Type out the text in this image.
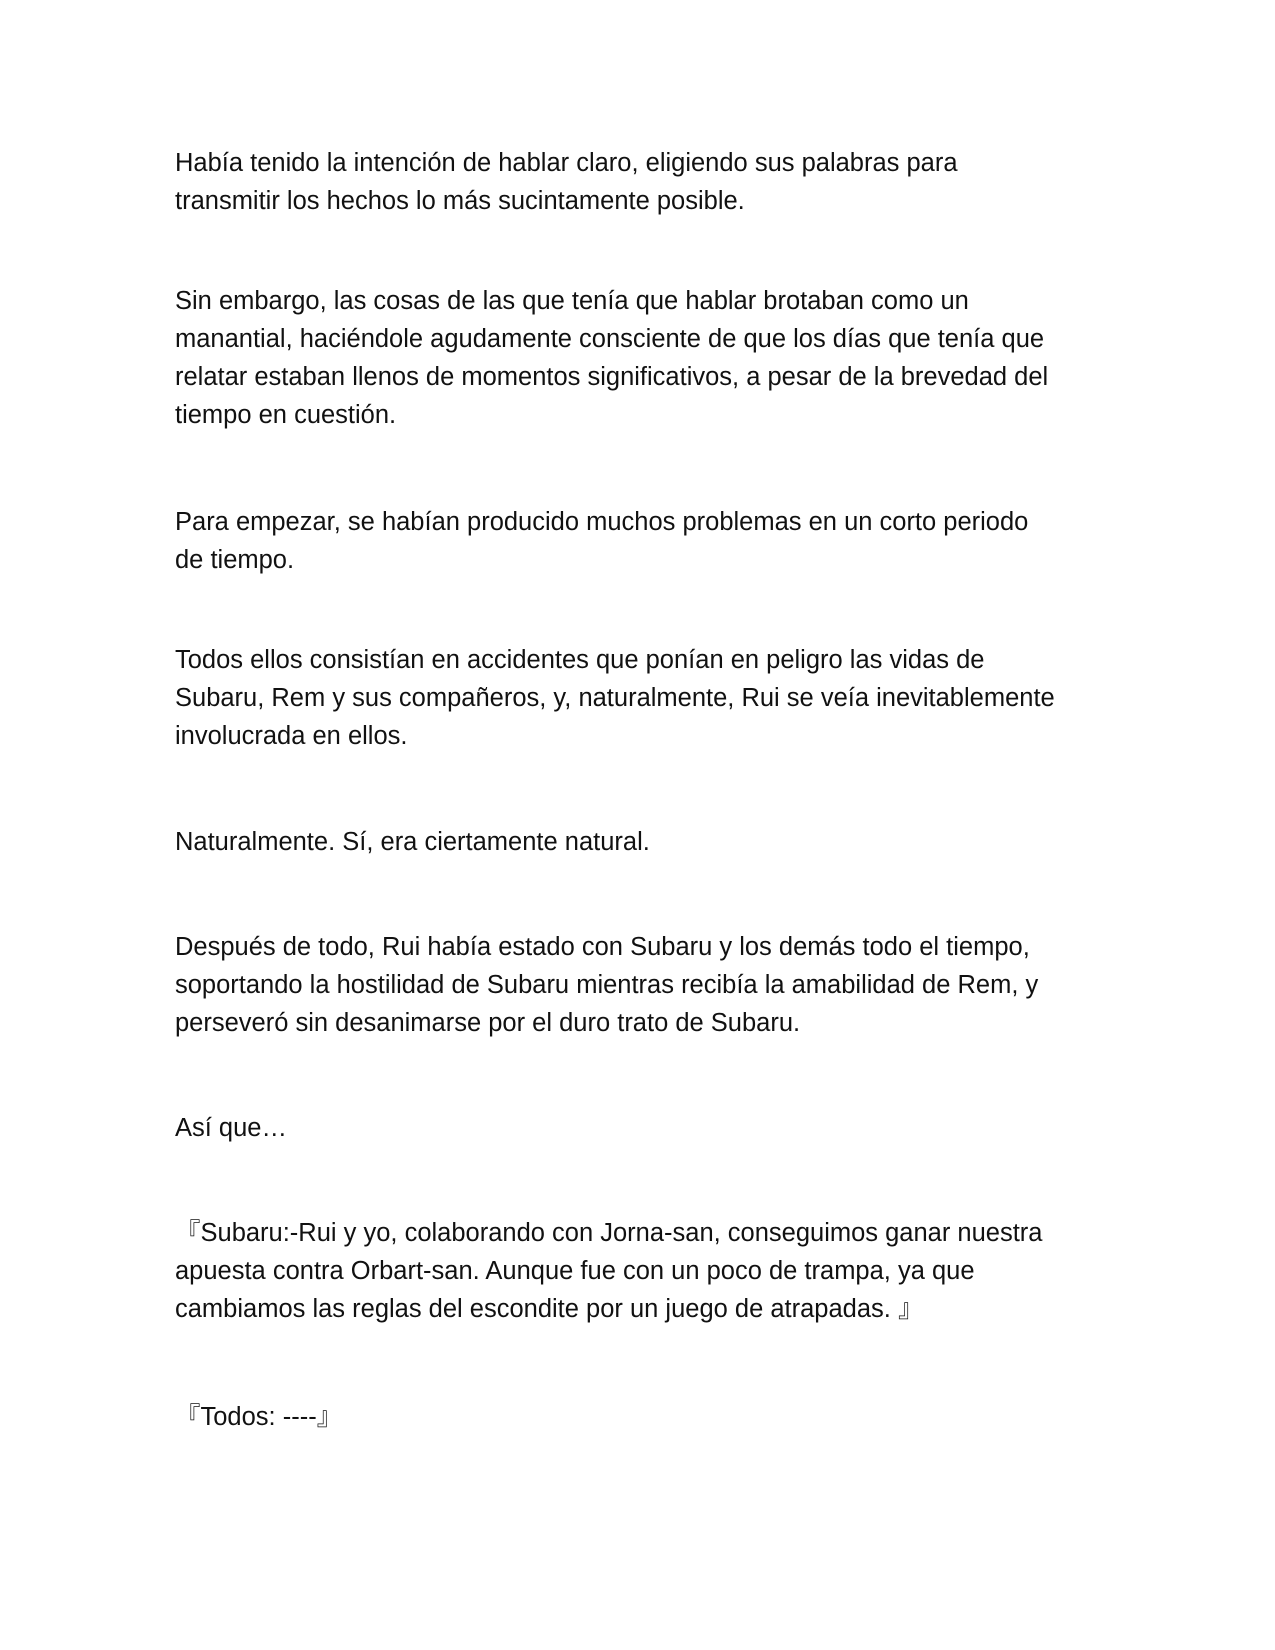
Había tenido la intención de hablar claro, eligiendo sus palabras para
transmitir los hechos lo más sucintamente posible.

Sin embargo, las cosas de las que tenía que hablar brotaban como un
manantial, haciéndole agudamente consciente de que los días que tenía que
relatar estaban llenos de momentos significativos, a pesar de la brevedad del
tiempo en cuestión.

Para empezar, se habían producido muchos problemas en un corto periodo
de tiempo.

Todos ellos consistían en accidentes que ponían en peligro las vidas de
Subaru, Rem y sus compañeros, y, naturalmente, Rui se veía inevitablemente
involucrada en ellos.

Naturalmente. Sí, era ciertamente natural.

Después de todo, Rui había estado con Subaru y los demás todo el tiempo,
soportando la hostilidad de Subaru mientras recibía la amabilidad de Rem, y
perseveró sin desanimarse por el duro trato de Subaru.

Así que…

『Subaru:-Rui y yo, colaborando con Jorna-san, conseguimos ganar nuestra
apuesta contra Orbart-san. Aunque fue con un poco de trampa, ya que
cambiamos las reglas del escondite por un juego de atrapadas. 』

『Todos: ----』
